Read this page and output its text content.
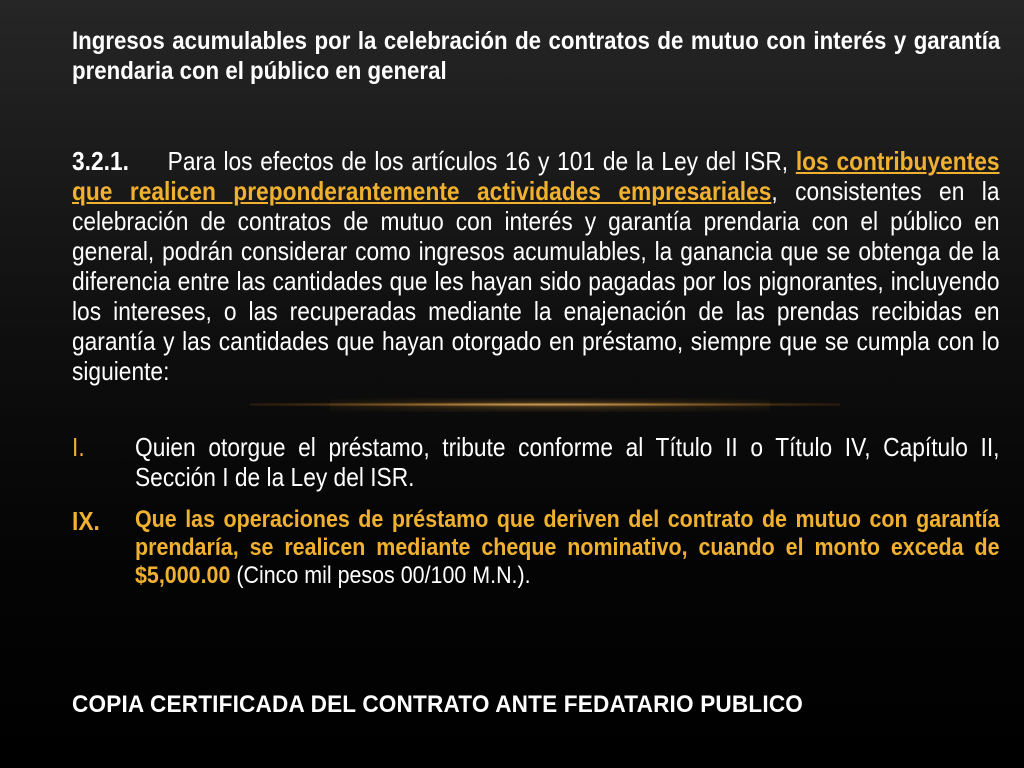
Ingresos acumulables por la celebración de contratos de mutuo con interés y garantía prendaria con el público en general
3.2.1. Para los efectos de los artículos 16 y 101 de la Ley del ISR, los contribuyentes que realicen preponderantemente actividades empresariales, consistentes en la celebración de contratos de mutuo con interés y garantía prendaria con el público en general, podrán considerar como ingresos acumulables, la ganancia que se obtenga de la diferencia entre las cantidades que les hayan sido pagadas por los pignorantes, incluyendo los intereses, o las recuperadas mediante la enajenación de las prendas recibidas en garantía y las cantidades que hayan otorgado en préstamo, siempre que se cumpla con lo siguiente:
I.	Quien otorgue el préstamo, tribute conforme al Título II o Título IV, Capítulo II, Sección I de la Ley del ISR.
IX.	Que las operaciones de préstamo que deriven del contrato de mutuo con garantía prendaría, se realicen mediante cheque nominativo, cuando el monto exceda de $5,000.00 (Cinco mil pesos 00/100 M.N.).
COPIA CERTIFICADA DEL CONTRATO ANTE FEDATARIO PUBLICO
